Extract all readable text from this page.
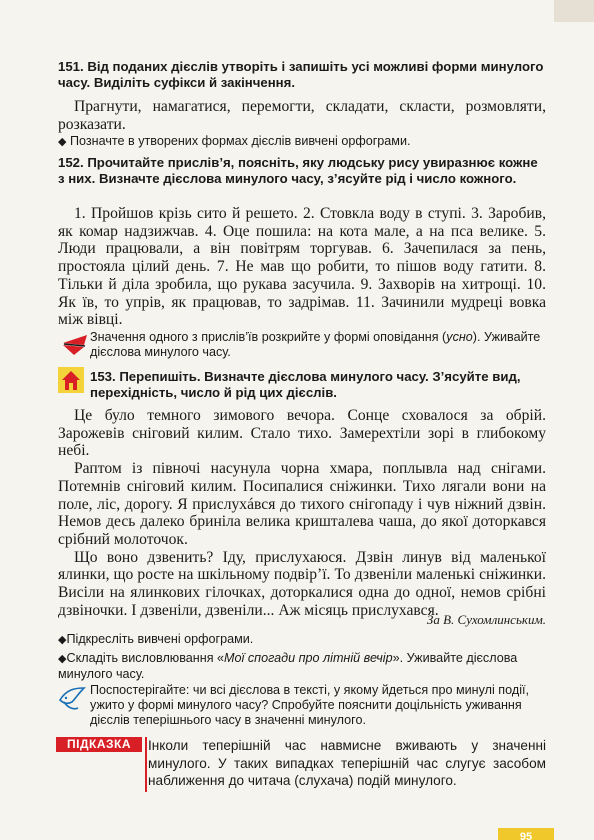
151. Від поданих дієслів утворіть і запишіть усі можливі форми минулого часу. Виділіть суфікси й закінчення.

Прагнути, намагатися, перемогти, складати, скласти, розмовляти, розказати.

◆ Позначте в утворених формах дієслів вивчені орфограми.

152. Прочитайте прислів’я, поясніть, яку людську рису увиразнює кожне з них. Визначте дієслова минулого часу, з’ясуйте рід і число кожного.

1. Пройшов крізь сито й решето. 2. Стовкла воду в ступі. 3. Заробив, як комар надзижчав. 4. Оце пошила: на кота мале, а на пса велике. 5. Люди працювали, а він повітрям торгував. 6. Зачепилася за пень, простояла цілий день. 7. Не мав що робити, то пішов воду гатити. 8. Тільки й діла зробила, що рукава засучила. 9. Захворів на хитрощі. 10. Як їв, то упрів, як працював, то задрімав. 11. Зачинили мудреці вовка між вівці.

Значення одного з прислів’їв розкрийте у формі оповідання (усно). Уживайте дієслова минулого часу.

153. Перепишіть. Визначте дієслова минулого часу. З’ясуйте вид, перехідність, число й рід цих дієслів.

Це було темного зимового вечора. Сонце сховалося за обрій. Зарожевів сніговий килим. Стало тихо. Замерехтіли зорі в глибокому небі.

Раптом із півночі насунула чорна хмара, поплывла над снігами. Потемнів сніговий килим. Посипалися сніжинки. Тихо лягали вони на поле, ліс, дорогу. Я прислухáвся до тихого снігопаду і чув ніжний дзвін. Немов десь далеко бриніла велика кришталева чаша, до якої доторкався срібний молоточок.

Що воно дзвенить? Іду, прислухаюся. Дзвін линув від маленької ялинки, що росте на шкільному подвір’ї. То дзвеніли маленькі сніжинки. Висіли на ялинкових гілочках, доторкалися одна до одної, немов срібні дзвіночки. І дзвеніли, дзвеніли... Аж місяць прислухався.

За В. Сухомлинським.

◆Підкресліть вивчені орфограми.

◆Складіть висловлювання «Мої спогади про літній вечір». Уживайте дієслова минулого часу.

Поспостерігайте: чи всі дієслова в тексті, у якому йдеться про минулі події, ужито у формі минулого часу? Спробуйте пояснити доцільність уживання дієслів теперішнього часу в значенні минулого.

ПІДКАЗКА	Інколи теперішній час навмисне вживають у значенні минулого. У таких випадках теперішній час слугує засобом наближення до читача (слухача) подій минулого.

95
